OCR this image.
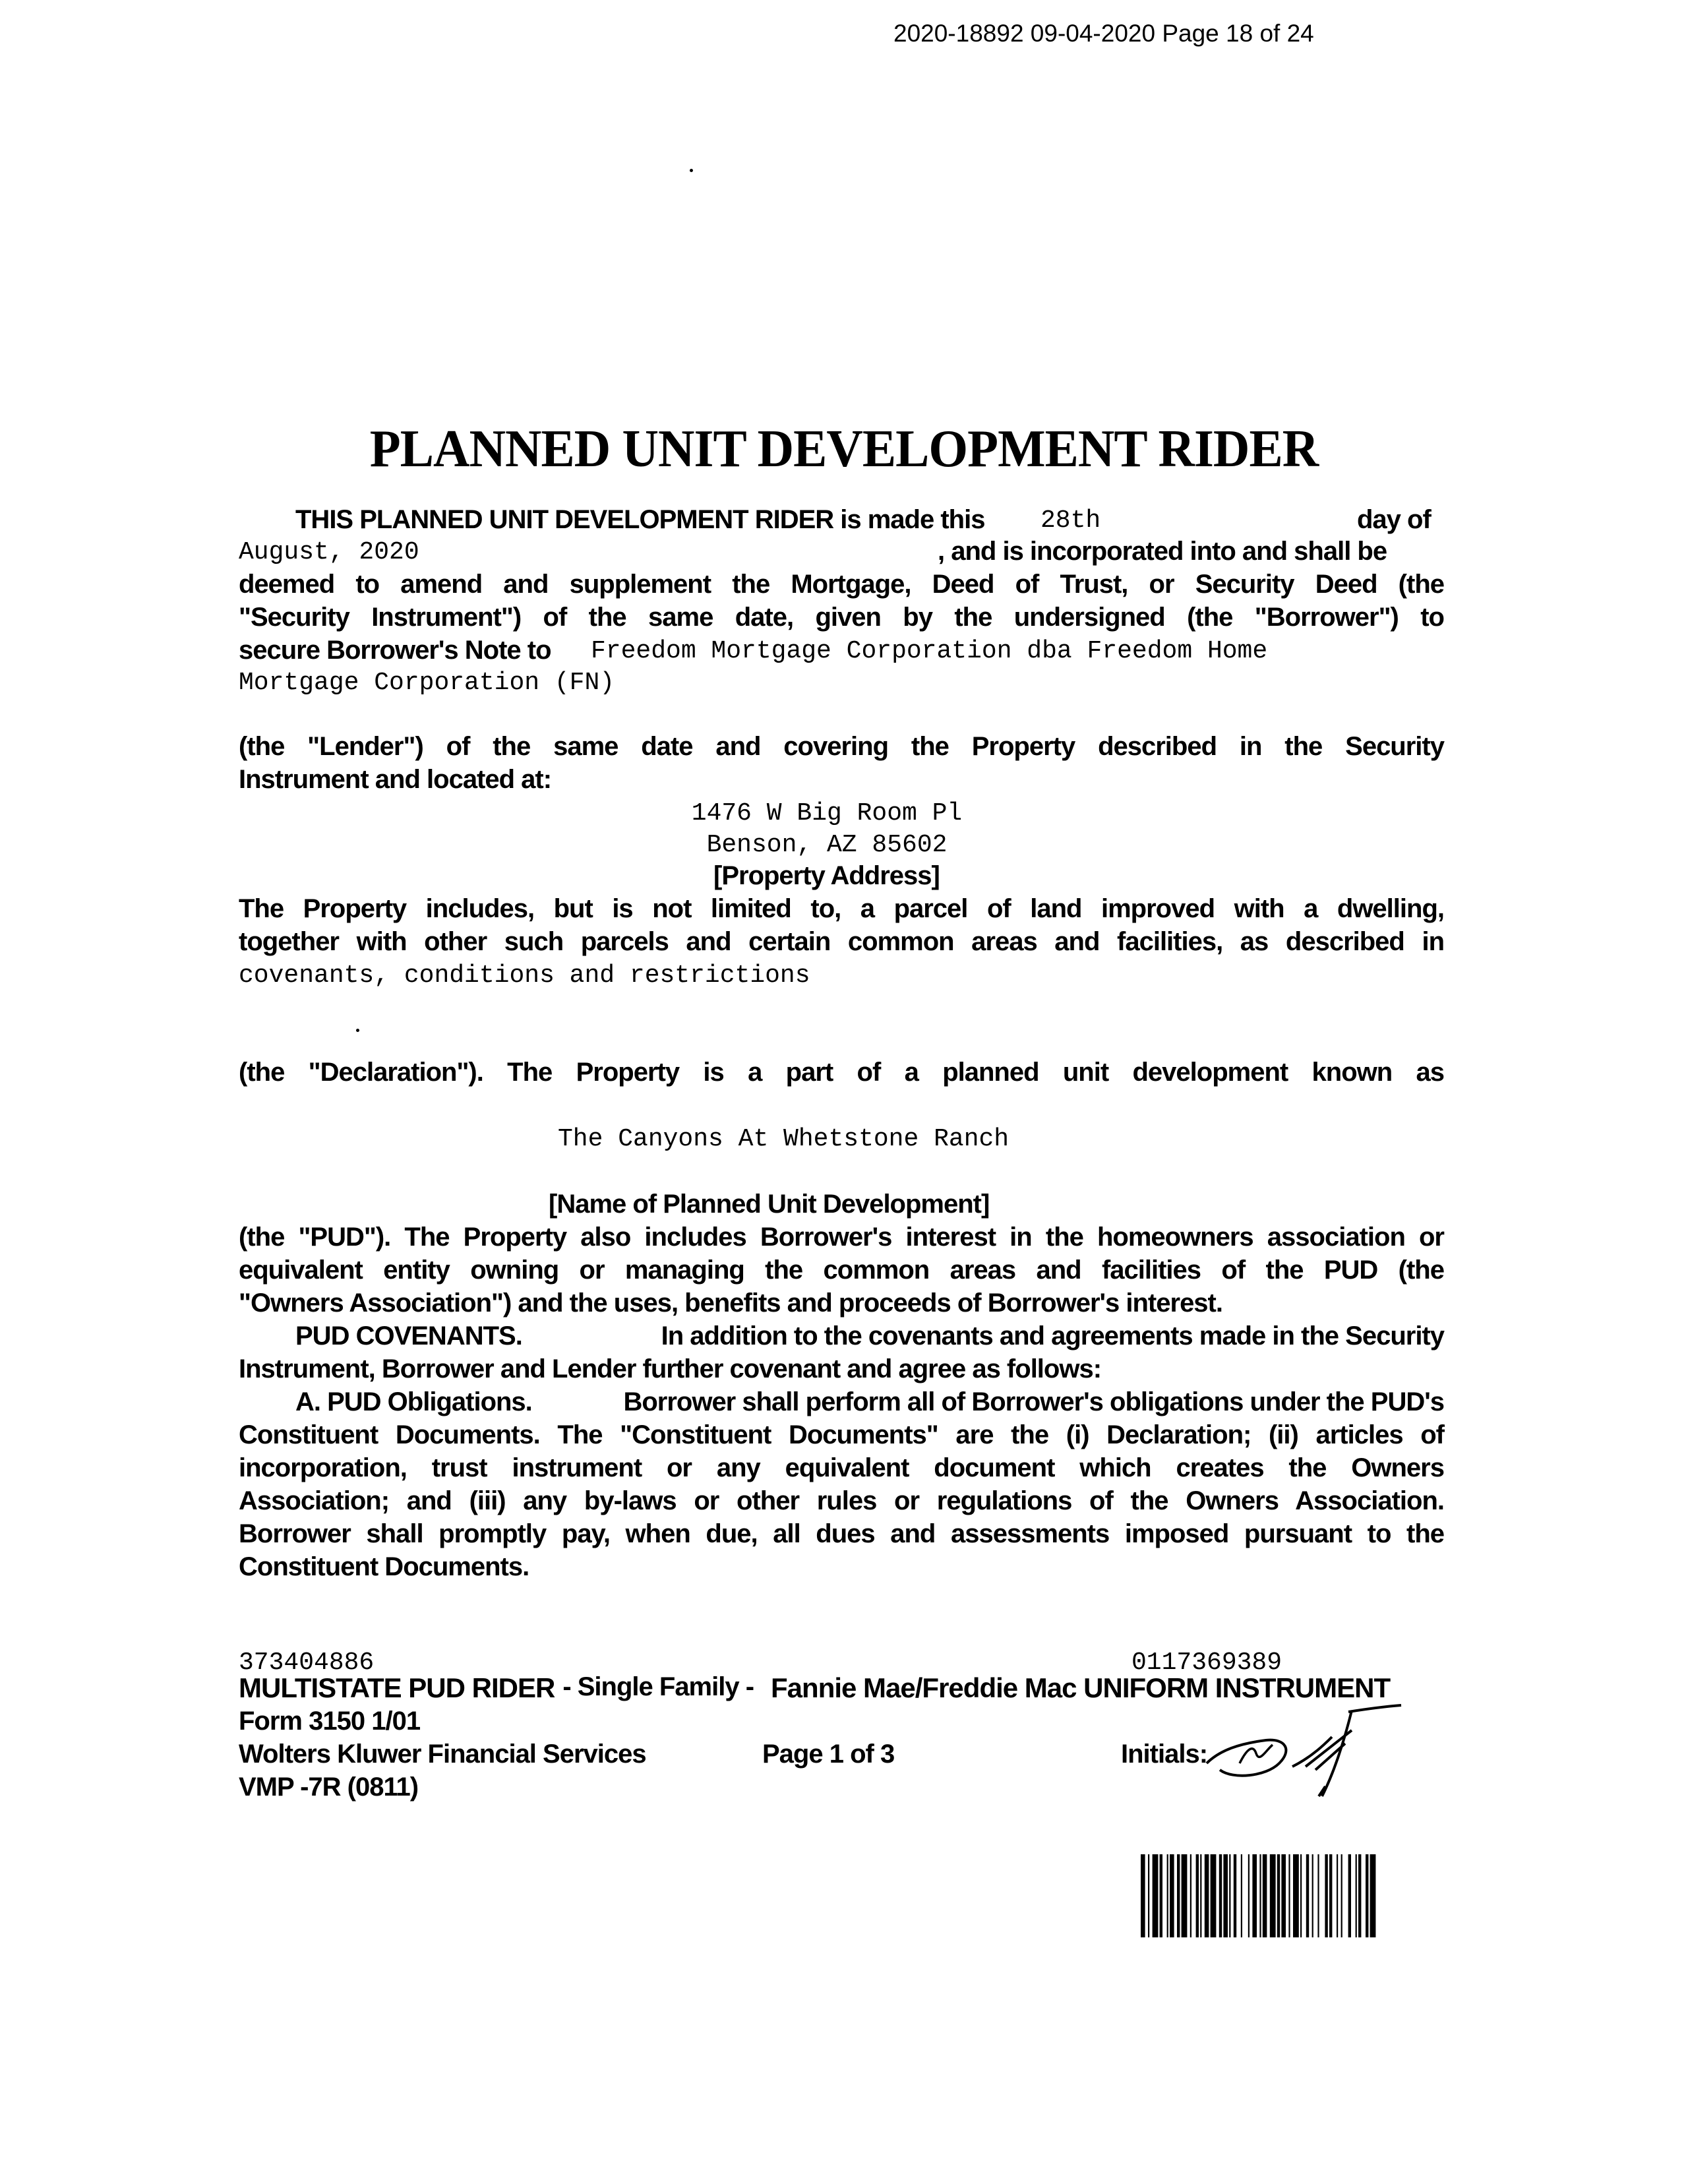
2020-18892 09-04-2020 Page 18 of 24
PLANNED UNIT DEVELOPMENT RIDER
THIS PLANNED UNIT DEVELOPMENT RIDER is made this 28th	day of
August, 2020	, and is incorporated into and shall be
deemed to amend and supplement the Mortgage, Deed of Trust, or Security Deed (the
"Security Instrument") of the same date, given by the undersigned (the "Borrower") to
secure Borrower's Note to Freedom Mortgage Corporation dba Freedom Home
Mortgage Corporation (FN)
(the "Lender") of the same date and covering the Property described in the Security
Instrument and located at:
1476 W Big Room Pl
Benson, AZ 85602
[Property Address]
The Property includes, but is not limited to, a parcel of land improved with a dwelling,
together with other such parcels and certain common areas and facilities, as described in
covenants, conditions and restrictions
(the "Declaration"). The Property is a part of a planned unit development known as
The Canyons At Whetstone Ranch
[Name of Planned Unit Development]
(the "PUD"). The Property also includes Borrower's interest in the homeowners association or
equivalent entity owning or managing the common areas and facilities of the PUD (the
"Owners Association") and the uses, benefits and proceeds of Borrower's interest.
PUD COVENANTS.	In addition to the covenants and agreements made in the Security
Instrument, Borrower and Lender further covenant and agree as follows:
A. PUD Obligations.	Borrower shall perform all of Borrower's obligations under the PUD's
Constituent Documents. The "Constituent Documents" are the (i) Declaration; (ii) articles of
incorporation, trust instrument or any equivalent document which creates the Owners
Association; and (iii) any by-laws or other rules or regulations of the Owners Association.
Borrower shall promptly pay, when due, all dues and assessments imposed pursuant to the
Constituent Documents.
373404886	0117369389
MULTISTATE PUD RIDER - Single Family - Fannie Mae/Freddie Mac UNIFORM INSTRUMENT
Form 3150 1/01
Wolters Kluwer Financial Services	Page 1 of 3	Initials:
VMP -7R (0811)
